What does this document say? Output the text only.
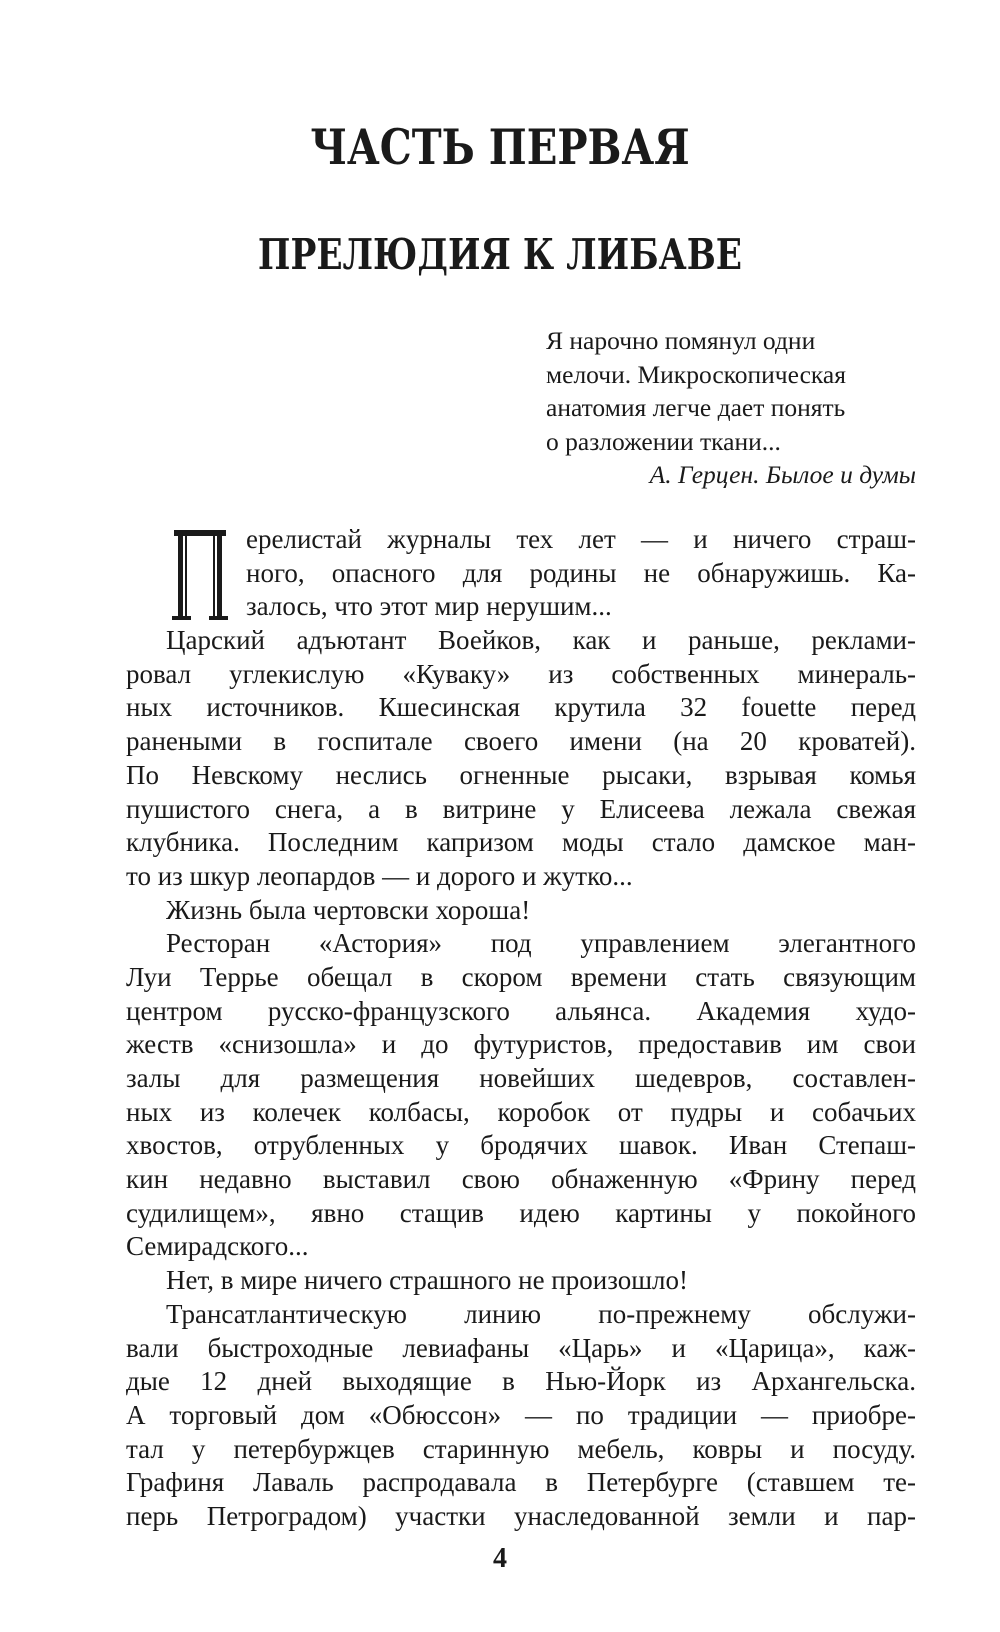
ЧАСТЬ ПЕРВАЯ
ПРЕЛЮДИЯ К ЛИБАВЕ
Я нарочно помянул одни
мелочи. Микроскопическая
анатомия легче дает понять
о разложении ткани...
А. Герцен. Былое и думы
ерелистай журналы тех лет — и ничего страш-
ного, опасного для родины не обнаружишь. Ка-
залось, что этот мир нерушим...
Царский адъютант Воейков, как и раньше, реклами-
ровал углекислую «Куваку» из собственных минераль-
ных источников. Кшесинская крутила 32 fouette перед
ранеными в госпитале своего имени (на 20 кроватей).
По Невскому неслись огненные рысаки, взрывая комья
пушистого снега, а в витрине у Елисеева лежала свежая
клубника. Последним капризом моды стало дамское ман-
то из шкур леопардов — и дорого и жутко...
Жизнь была чертовски хороша!
Ресторан «Астория» под управлением элегантного
Луи Террье обещал в скором времени стать связующим
центром русско-французского альянса. Академия худо-
жеств «снизошла» и до футуристов, предоставив им свои
залы для размещения новейших шедевров, составлен-
ных из колечек колбасы, коробок от пудры и собачьих
хвостов, отрубленных у бродячих шавок. Иван Степаш-
кин недавно выставил свою обнаженную «Фрину перед
судилищем», явно стащив идею картины у покойного
Семирадского...
Нет, в мире ничего страшного не произошло!
Трансатлантическую линию по-прежнему обслужи-
вали быстроходные левиафаны «Царь» и «Царица», каж-
дые 12 дней выходящие в Нью-Йорк из Архангельска.
А торговый дом «Обюссон» — по традиции — приобре-
тал у петербуржцев старинную мебель, ковры и посуду.
Графиня Лаваль распродавала в Петербурге (ставшем те-
перь Петроградом) участки унаследованной земли и пар-
4
